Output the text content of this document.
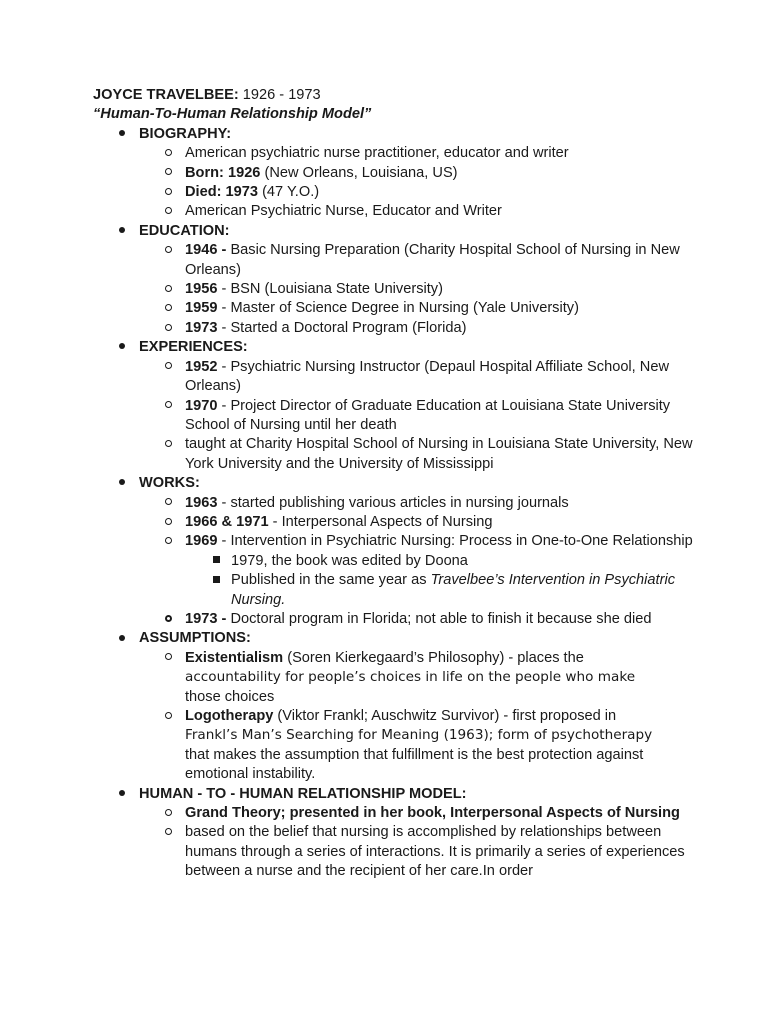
JOYCE TRAVELBEE: 1926 - 1973

“Human-To-Human Relationship Model”

BIOGRAPHY:
American psychiatric nurse practitioner, educator and writer
Born: 1926 (New Orleans, Louisiana, US)
Died: 1973 (47 Y.O.)
American Psychiatric Nurse, Educator and Writer
EDUCATION:
1946 - Basic Nursing Preparation (Charity Hospital School of Nursing in New Orleans)
1956 - BSN (Louisiana State University)
1959 - Master of Science Degree in Nursing (Yale University)
1973 - Started a Doctoral Program (Florida)
EXPERIENCES:
1952 - Psychiatric Nursing Instructor (Depaul Hospital Affiliate School, New Orleans)
1970 - Project Director of Graduate Education at Louisiana State University School of Nursing until her death
taught at Charity Hospital School of Nursing in Louisiana State University, New York University and the University of Mississippi
WORKS:
1963 - started publishing various articles in nursing journals
1966 & 1971 - Interpersonal Aspects of Nursing
1969 - Intervention in Psychiatric Nursing: Process in One-to-One Relationship
1979, the book was edited by Doona
Published in the same year as Travelbee’s Intervention in Psychiatric Nursing.
1973 - Doctoral program in Florida; not able to finish it because she died
ASSUMPTIONS:
Existentialism (Soren Kierkegaard’s Philosophy) - places the
accountability for people’s choices in life on the people who make
those choices
Logotherapy (Viktor Frankl; Auschwitz Survivor) - first proposed in
Frankl’s Man’s Searching for Meaning (1963); form of psychotherapy
that makes the assumption that fulfillment is the best protection against emotional instability.
HUMAN - TO - HUMAN RELATIONSHIP MODEL:
Grand Theory; presented in her book, Interpersonal Aspects of Nursing
based on the belief that nursing is accomplished by relationships between humans through a series of interactions. It is primarily a series of experiences between a nurse and the recipient of her care.In order
